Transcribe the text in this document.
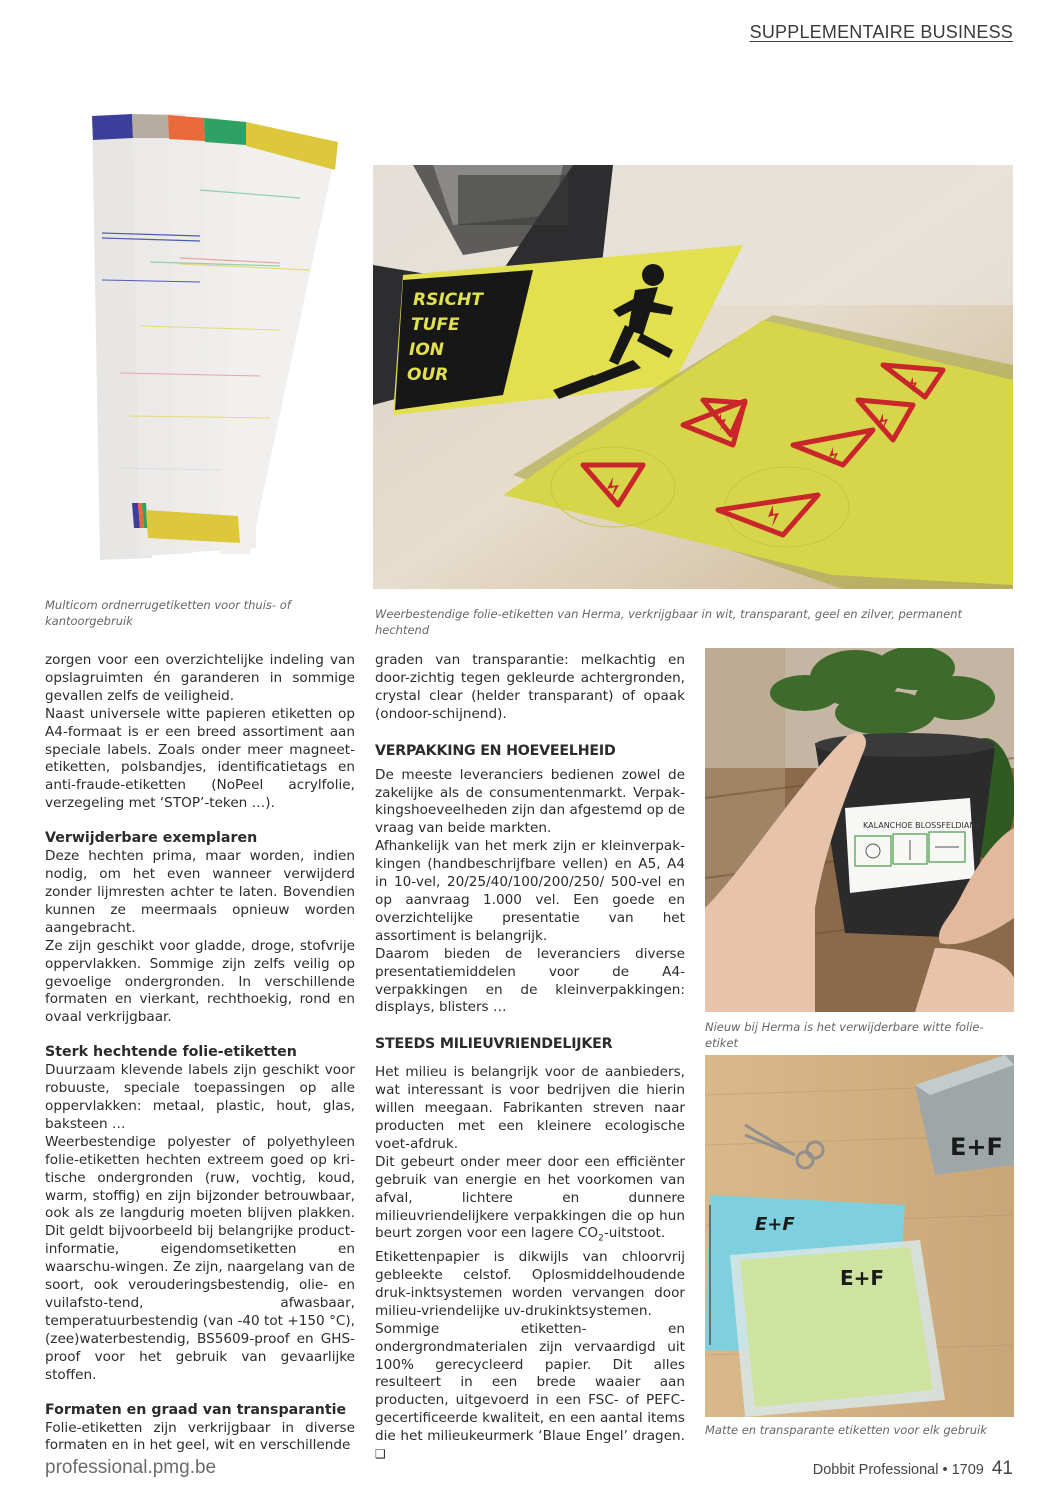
SUPPLEMENTAIRE BUSINESS
RSICHT
TUFE
ION
OUR
Multicom ordnerrugetiketten voor thuis- of kantoorgebruik	Weerbestendige folie-etiketten van Herma, verkrijgbaar in wit, transparant, geel en zilver, permanent hechtend

zorgen voor een overzichtelijke indeling van opslagruimten én garanderen in sommige gevallen zelfs de veiligheid.

Naast universele witte papieren etiketten op A4-formaat is er een breed assortiment aan speciale labels. Zoals onder meer magneet-etiketten, polsbandjes, identificatietags en anti-fraude-etiketten (NoPeel acrylfolie, verzegeling met ‘STOP’-teken …).

Verwijderbare exemplaren

Deze hechten prima, maar worden, indien nodig, om het even wanneer verwijderd zonder lijmresten achter te laten. Bovendien kunnen ze meermaals opnieuw worden aangebracht.

Ze zijn geschikt voor gladde, droge, stofvrije oppervlakken. Sommige zijn zelfs veilig op gevoelige ondergronden. In verschillende formaten en vierkant, rechthoekig, rond en ovaal verkrijgbaar.

Sterk hechtende folie-etiketten

Duurzaam klevende labels zijn geschikt voor robuuste, speciale toepassingen op alle oppervlakken: metaal, plastic, hout, glas, baksteen …

Weerbestendige polyester of polyethyleen folie-etiketten hechten extreem goed op kri-tische ondergronden (ruw, vochtig, koud, warm, stoffig) en zijn bijzonder betrouwbaar, ook als ze langdurig moeten blijven plakken. Dit geldt bijvoorbeeld bij belangrijke product-informatie, eigendomsetiketten en waarschu-wingen. Ze zijn, naargelang van de soort, ook verouderingsbestendig, olie- en vuilafsto-tend, afwasbaar, temperatuurbestendig (van -40 tot +150 °C), (zee)waterbestendig, BS5609-proof en GHS-proof voor het gebruik van gevaarlijke stoffen.

Formaten en graad van transparantie

Folie-etiketten zijn verkrijgbaar in diverse formaten en in het geel, wit en verschillende

graden van transparantie: melkachtig en door-zichtig tegen gekleurde achtergronden, crystal clear (helder transparant) of opaak (ondoor-schijnend).

VERPAKKING EN HOEVEELHEID

De meeste leveranciers bedienen zowel de zakelijke als de consumentenmarkt. Verpak-kingshoeveelheden zijn dan afgestemd op de vraag van beide markten.

Afhankelijk van het merk zijn er kleinverpak-kingen (handbeschrijfbare vellen) en A5, A4 in 10-vel, 20/25/40/100/200/250/ 500-vel en op aanvraag 1.000 vel. Een goede en overzichtelijke presentatie van het assortiment is belangrijk.

Daarom bieden de leveranciers diverse presentatiemiddelen voor de A4-verpakkingen en de kleinverpakkingen: displays, blisters …

STEEDS MILIEUVRIENDELIJKER

Het milieu is belangrijk voor de aanbieders, wat interessant is voor bedrijven die hierin willen meegaan. Fabrikanten streven naar producten met een kleinere ecologische voet-afdruk.

Dit gebeurt onder meer door een efficiënter gebruik van energie en het voorkomen van afval, lichtere en dunnere milieuvriendelijkere verpakkingen die op hun beurt zorgen voor een lagere $CO_2$-uitstoot.

Etikettenpapier is dikwijls van chloorvrij gebleekte celstof. Oplosmiddelhoudende druk-inktsystemen worden vervangen door milieu-vriendelijke uv-drukinktsystemen.

Sommige etiketten- en ondergrondmaterialen zijn vervaardigd uit 100% gerecycleerd papier. Dit alles resulteert in een brede waaier aan producten, uitgevoerd in een FSC- of PEFC-gecertificeerde kwaliteit, en een aantal items die het milieukeurmerk ‘Blaue Engel’ dragen. ❑

KALANCHOE BLOSSFELDIANA
Nieuw bij Herma is het verwijderbare witte folie-etiket
E+F
E+F
E+F
Matte en transparante etiketten voor elk gebruik
professional.pmg.be	Dobbit Professional • 1709 41
